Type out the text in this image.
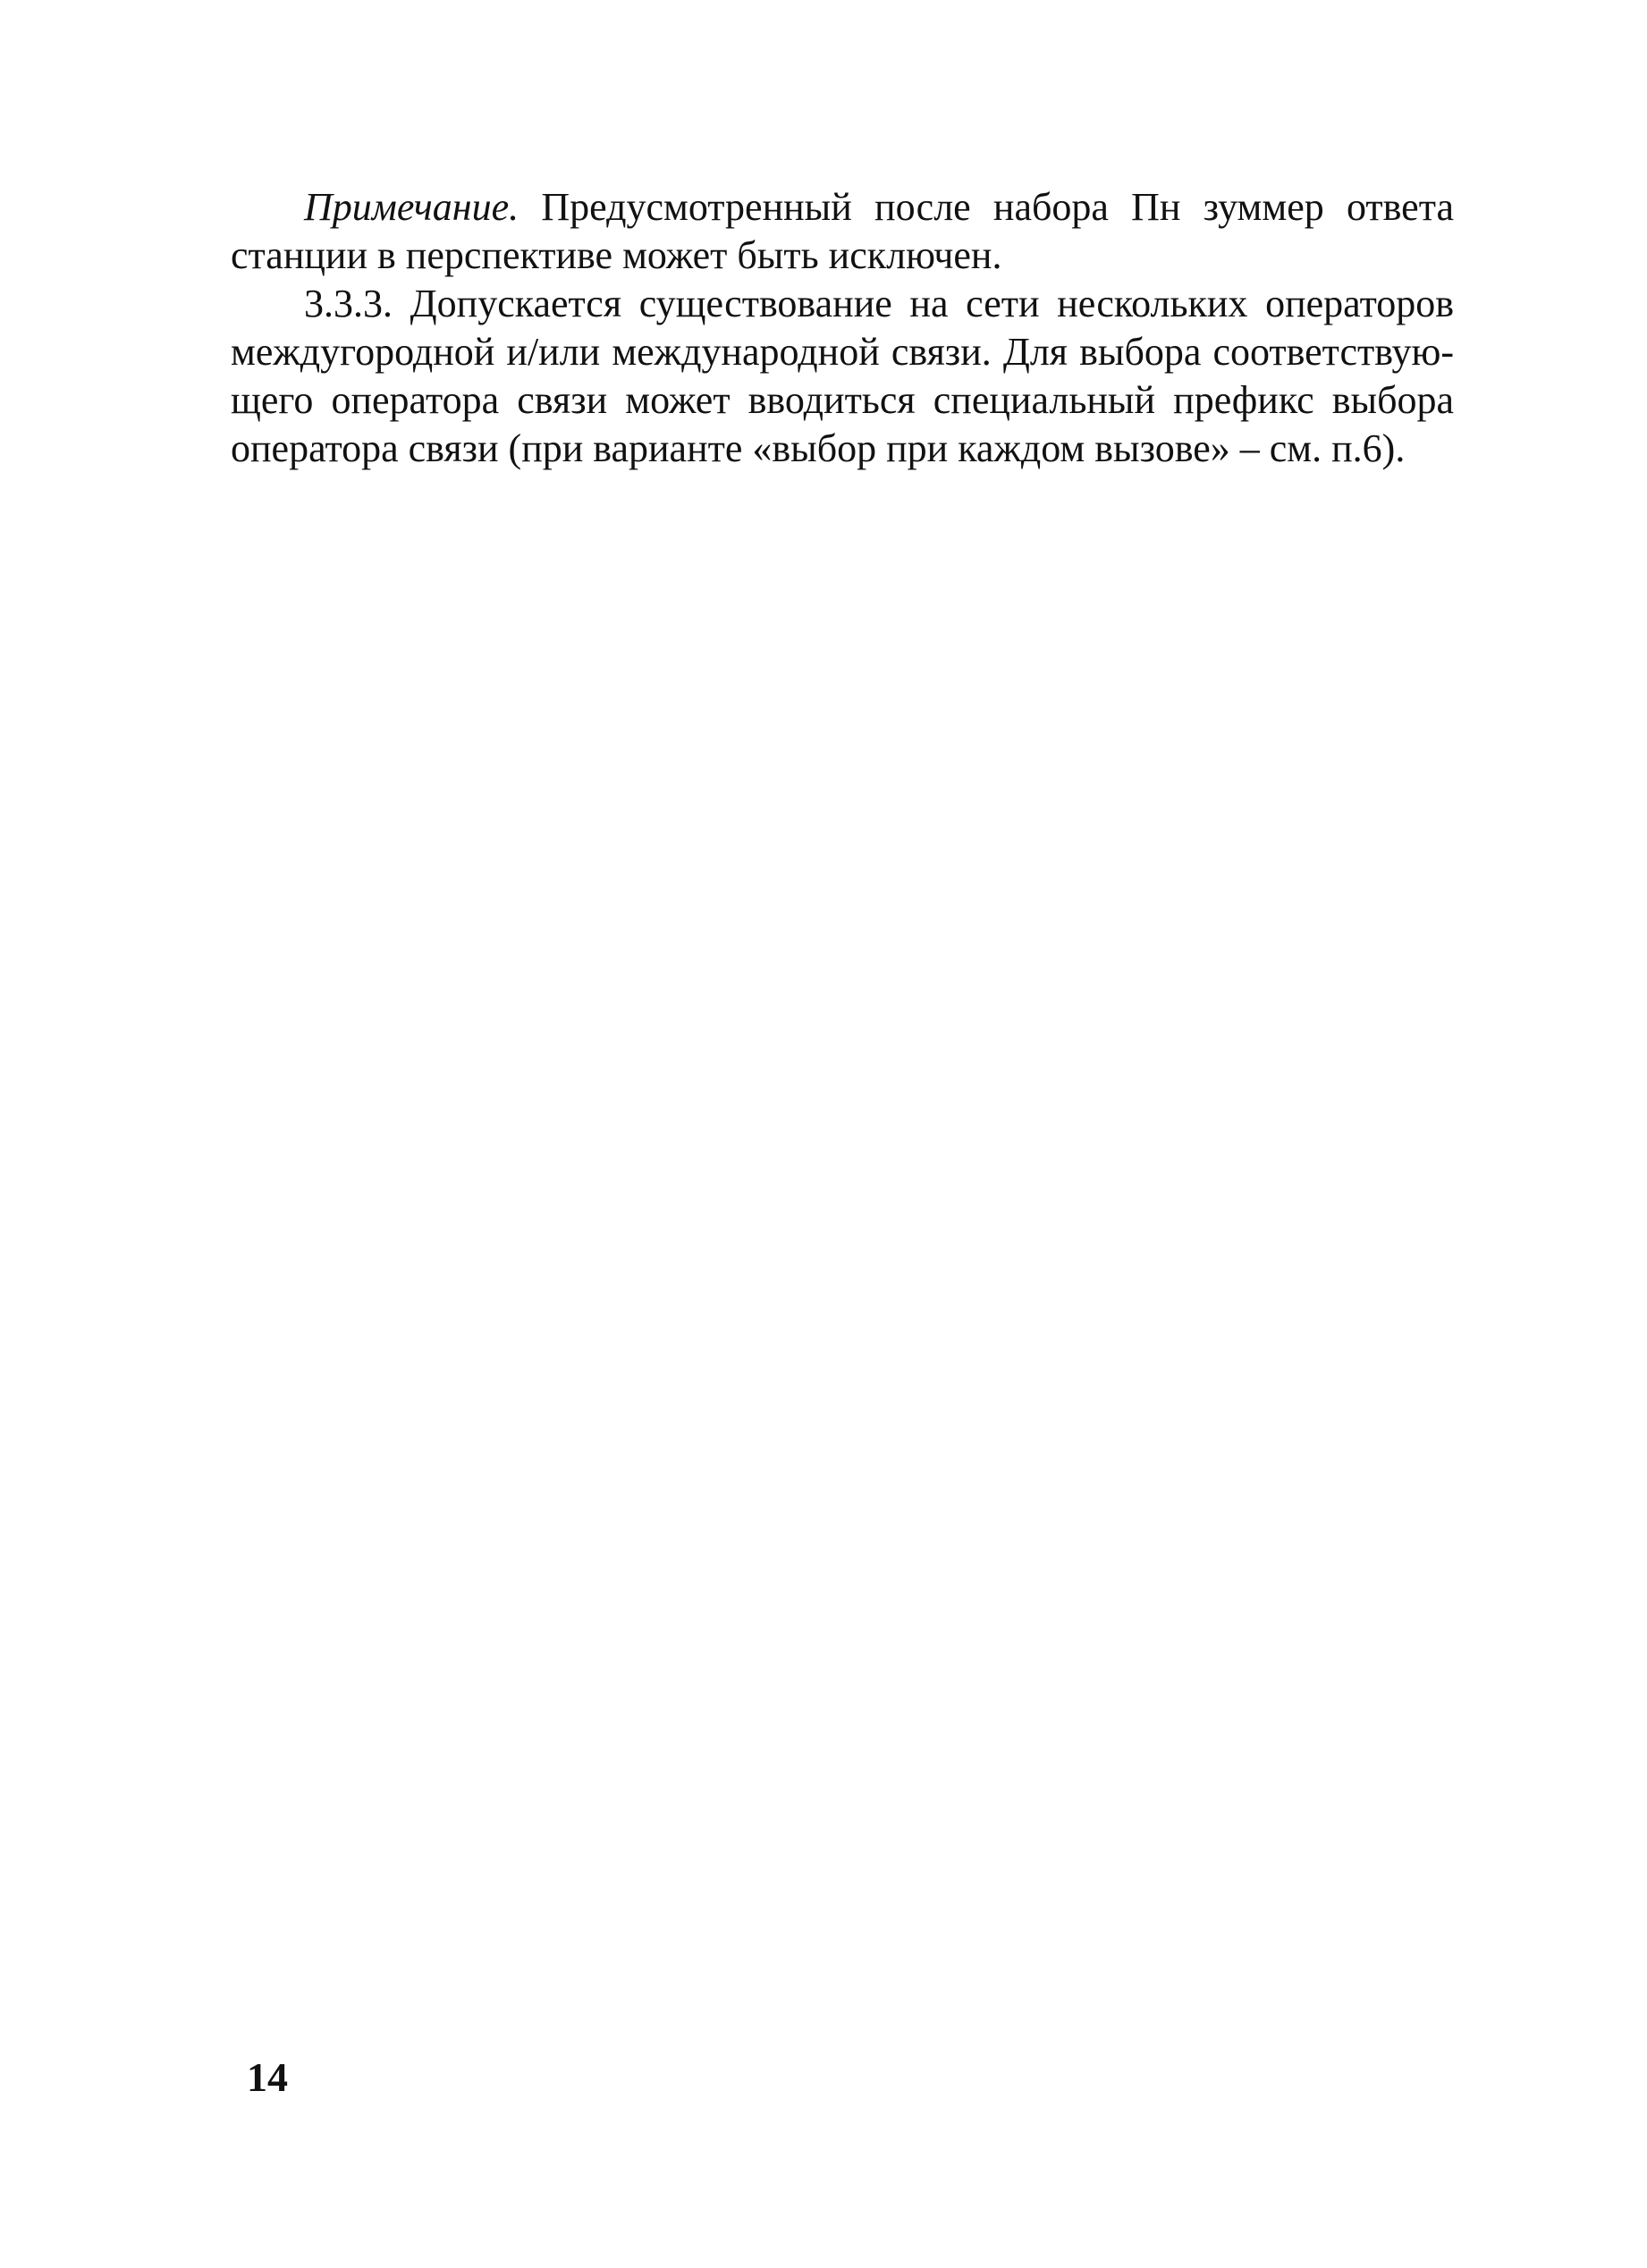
Примечание. Предусмотренный после набора Пн зуммер ответа станции в перспективе может быть исключен.

3.3.3. Допускается существование на сети нескольких операторов междугородной и/или международной связи. Для выбора соответствую-щего оператора связи может вводиться специальный префикс выбора оператора связи (при варианте «выбор при каждом вызове» – см. п.6).

14
